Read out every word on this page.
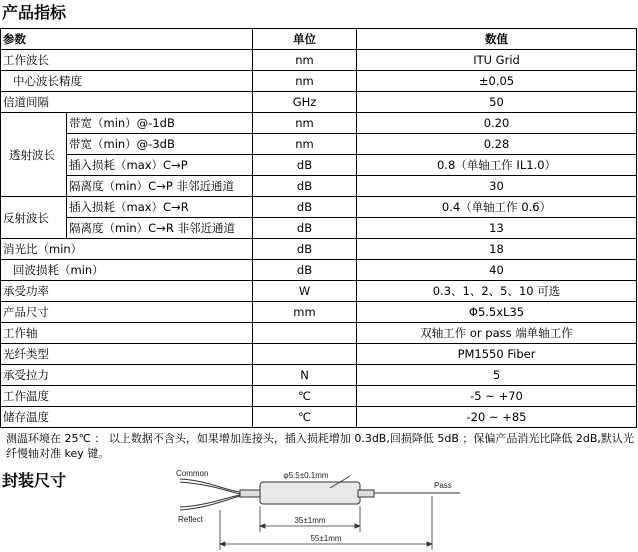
产品指标
参数		单位	数值
工作波长		nm	ITU Grid
中心波长精度		nm	±0.05
信道间隔		GHz	50
透射波长	带宽（min）@-1dB	nm	0.20
	带宽（min）@-3dB	nm	0.28
	插入损耗（max）C→P	dB	0.8（单轴工作 IL1.0）
	隔离度（min）C→P 非邻近通道	dB	30
反射波长	插入损耗（max）C→R	dB	0.4（单轴工作 0.6）
	隔离度（min）C→R 非邻近通道	dB	13
消光比（min）		dB	18
回波损耗（min）		dB	40
承受功率		W	0.3、1、2、5、10 可选
产品尺寸		mm	Φ5.5xL35
工作轴			双轴工作 or pass 端单轴工作
光纤类型			PM1550 Fiber
承受拉力		N	5
工作温度		℃	-5 ~ +70
储存温度		℃	-20 ~ +85
测温环境在 25℃ ： 以上数据不含头，如果增加连接头，插入损耗增加 0.3dB,回损降低 5dB ；保偏产品消光比降低 2dB,默认光纤慢轴对准 key 键。
封装尺寸	φ5.5±0.1mm
Common
Reflect
Pass
35±1mm
55±1mm
